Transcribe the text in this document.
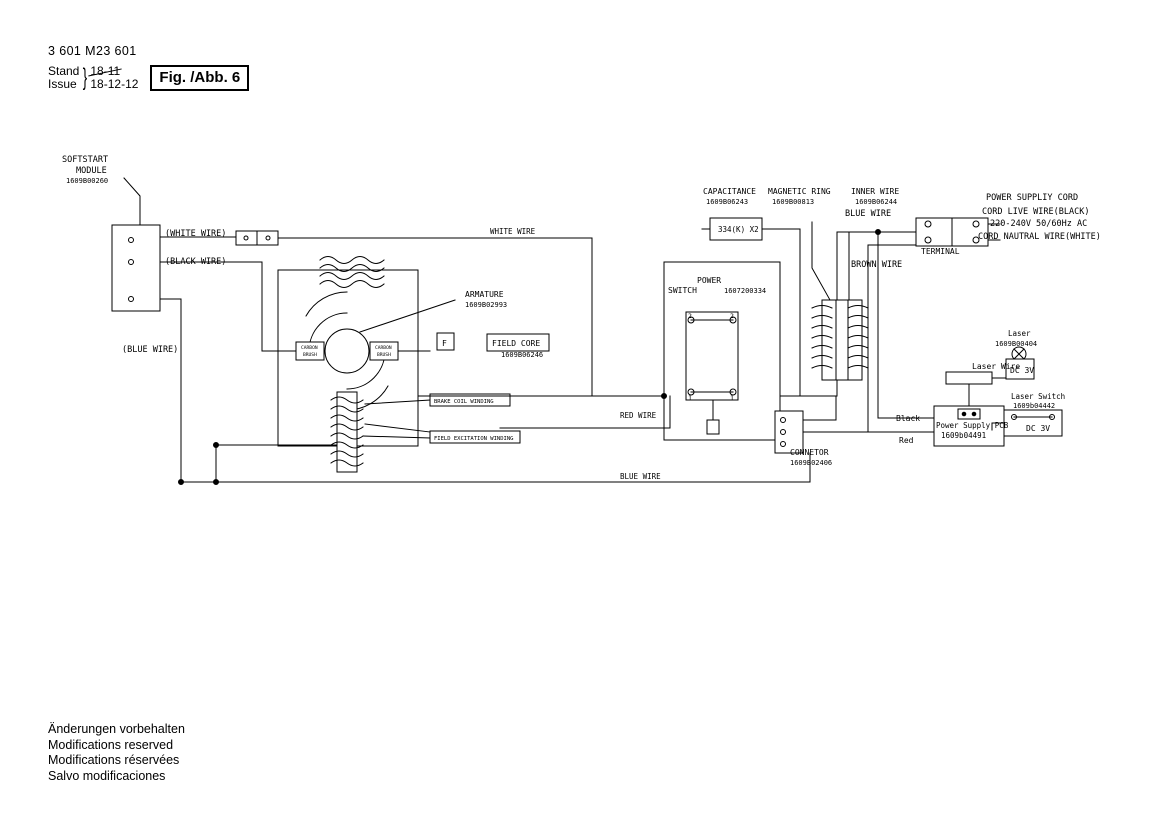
3 601 M23 601
Stand
Issue } 18-11
18-12-12	Fig. /Abb. 6
SOFTSTART
MODULE
1609B00260
(WHITE WIRE)
(BLACK WIRE)
(BLUE WIRE)
WHITE WIRE
RED WIRE
BLUE WIRE
ARMATURE
1609B02993
CARBON
BRUSH
CARBON
BRUSH
F	FIELD CORE
1609B06246
BRAKE COIL WINDING
FIELD EXCITATION WINDING
CAPACITANCE
1609B06243
334(K) X2
MAGNETIC RING
1609B00813
INNER WIRE
1609B06244
BLUE WIRE
BROWN WIRE
POWER
SWITCH	1607200334
2	2
1	1
CONNETOR
1609B02406
POWER SUPPLIY CORD
CORD LIVE WIRE(BLACK)
220-240V 50/60Hz AC
CORD NAUTRAL WIRE(WHITE)
TERMINAL
Black
Red
Power Supply PCB
1609b04491
Laser Wire
Laser
1609B00404
DC 3V
Laser Switch
1609b04442
DC 3V
Änderungen vorbehalten
Modifications reserved
Modifications réservées
Salvo modificaciones
